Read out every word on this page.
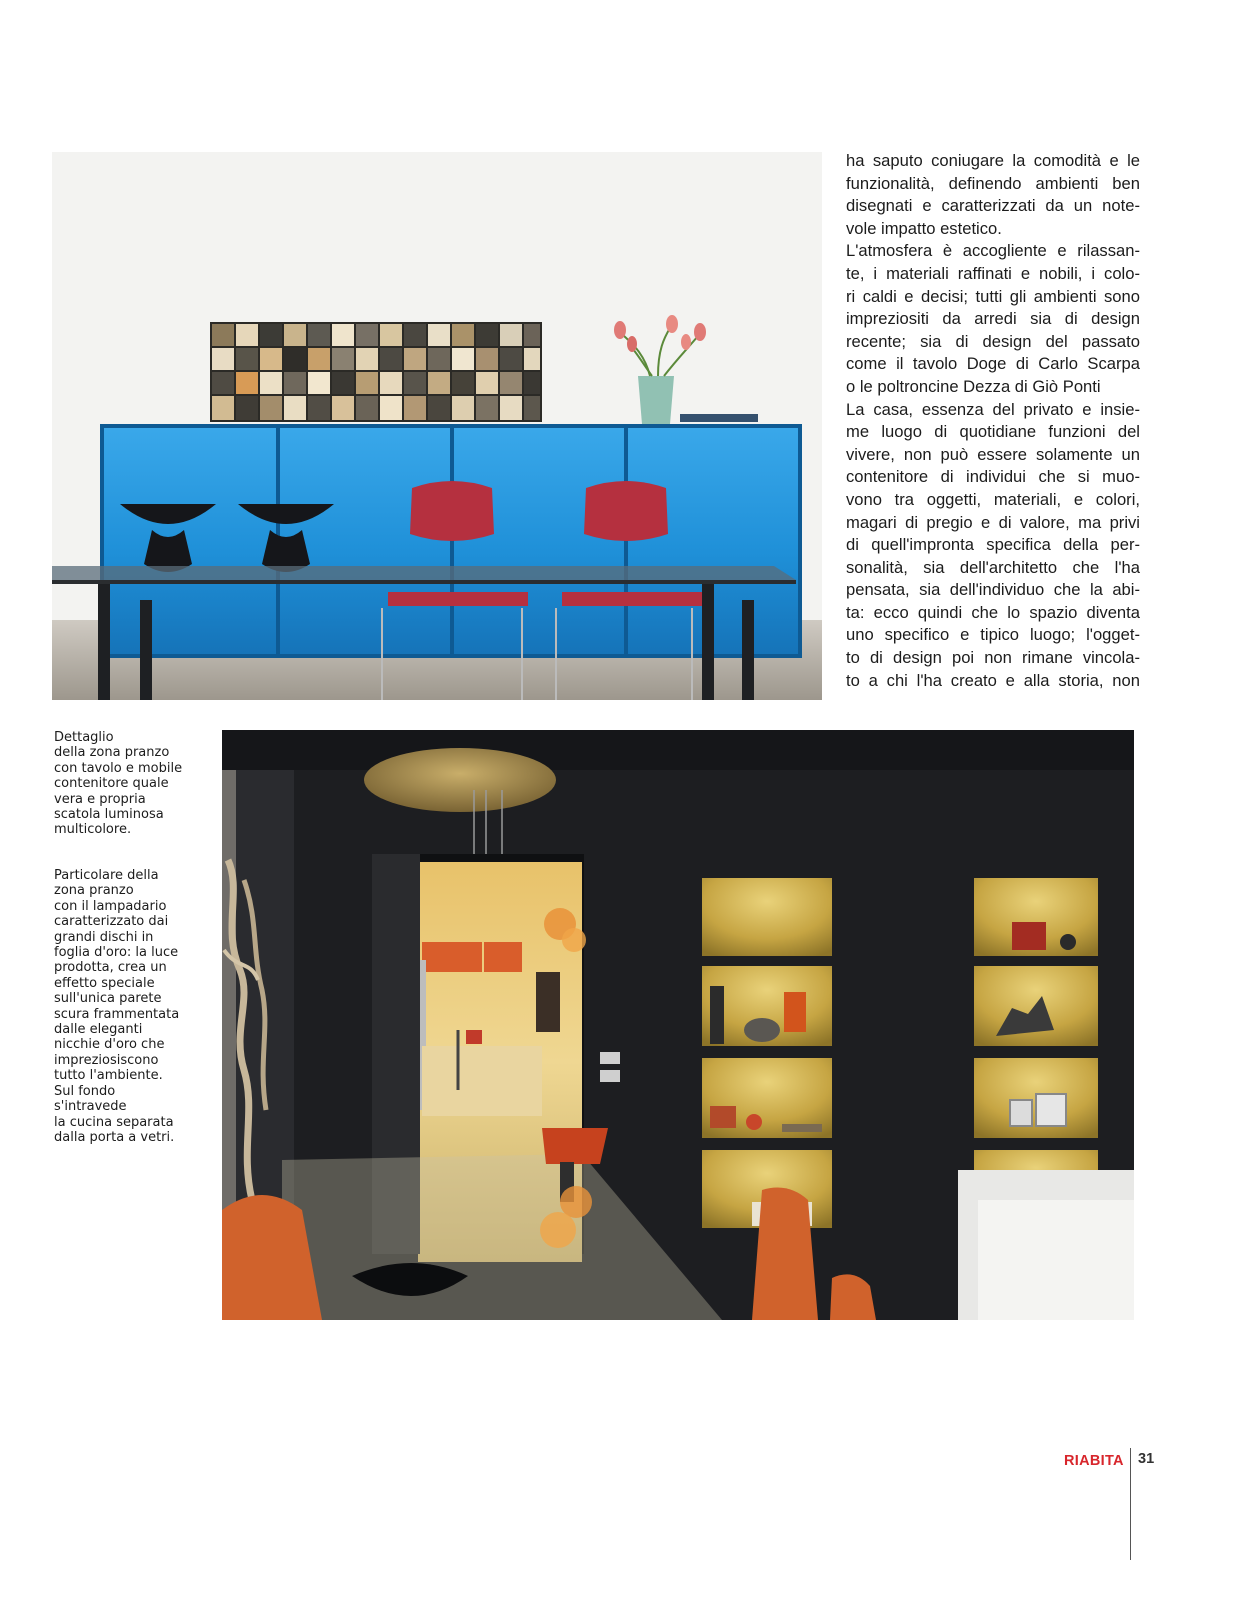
ha saputo coniugare la comodità e le
funzionalità, definendo ambienti ben
disegnati e caratterizzati da un note-
vole impatto estetico.
L'atmosfera è accogliente e rilassan-
te, i materiali raffinati e nobili, i colo-
ri caldi e decisi; tutti gli ambienti sono
impreziositi da arredi sia di design
recente; sia di design del passato
come il tavolo Doge di Carlo Scarpa
o le poltroncine Dezza di Giò Ponti
La casa, essenza del privato e insie-
me luogo di quotidiane funzioni del
vivere, non può essere solamente un
contenitore di individui che si muo-
vono tra oggetti, materiali, e colori,
magari di pregio e di valore, ma privi
di quell'impronta specifica della per-
sonalità, sia dell'architetto che l'ha
pensata, sia dell'individuo che la abi-
ta: ecco quindi che lo spazio diventa
uno specifico e tipico luogo; l'ogget-
to di design poi non rimane vincola-
to a chi l'ha creato e alla storia, non
Dettaglio
della zona pranzo
con tavolo e mobile
contenitore quale
vera e propria
scatola luminosa
multicolore.
Particolare della
zona pranzo
con il lampadario
caratterizzato dai
grandi dischi in
foglia d'oro: la luce
prodotta, crea un
effetto speciale
sull'unica parete
scura frammentata
dalle eleganti
nicchie d'oro che
impreziosiscono
tutto l'ambiente.
Sul fondo
s'intravede
la cucina separata
dalla porta a vetri.
RIABITA 31
